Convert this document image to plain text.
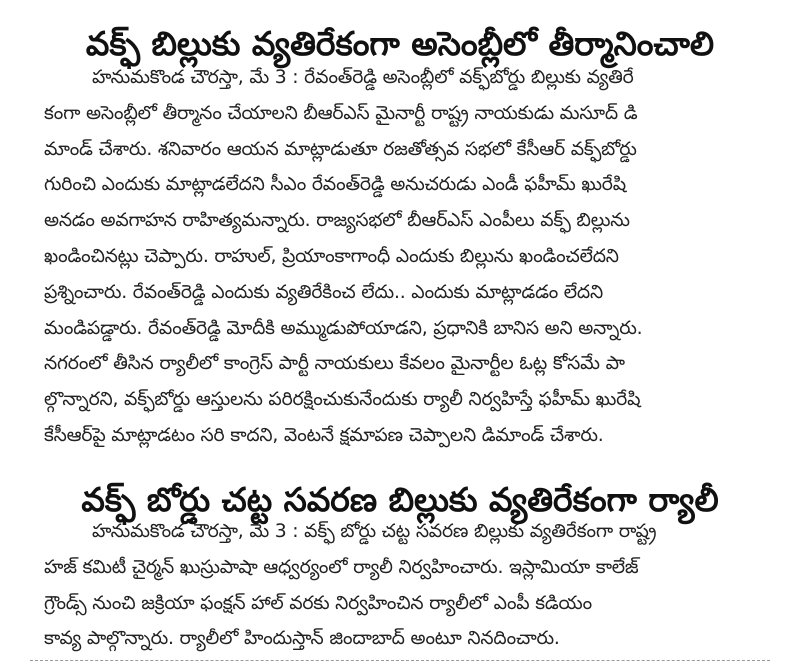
వక్ఫ్ బిల్లుకు వ్యతిరేకంగా అసెంబ్లీలో తీర్మానించాలి
హనుమకొండ చౌరస్తా, మే 3 : రేవంత్‌రెడ్డి అసెంబ్లీలో వక్ఫ్‌బోర్డు బిల్లుకు వ్యతిరే
కంగా అసెంబ్లీలో తీర్మానం చేయాలని బీఆర్‌ఎస్ మైనార్టీ రాష్ట్ర నాయకుడు మసూద్ డి
మాండ్ చేశారు. శనివారం ఆయన మాట్లాడుతూ రజతోత్సవ సభలో కేసీఆర్ వక్ఫ్‌బోర్డు
గురించి ఎందుకు మాట్లాడలేదని సీఎం రేవంత్‌రెడ్డి అనుచరుడు ఎండీ ఫహీమ్ ఖురేషి
అనడం అవగాహన రాహిత్యమన్నారు. రాజ్యసభలో బీఆర్‌ఎస్ ఎంపీలు వక్ఫ్ బిల్లును
ఖండించినట్లు చెప్పారు. రాహుల్, ప్రియాంకాగాంధీ ఎందుకు బిల్లును ఖండించలేదని
ప్రశ్నించారు. రేవంత్‌రెడ్డి ఎందుకు వ్యతిరేకించ లేదు.. ఎందుకు మాట్లాడడం లేదని
మండిపడ్డారు. రేవంత్‌రెడ్డి మోదీకి అమ్ముడుపోయాడని, ప్రధానికి బానిస అని అన్నారు.
నగరంలో తీసిన ర్యాలీలో కాంగ్రెస్ పార్టీ నాయకులు కేవలం మైనార్టీల ఓట్ల కోసమే పా
ల్గొన్నారని, వక్ఫ్‌బోర్డు ఆస్తులను పరిరక్షించుకునేందుకు ర్యాలీ నిర్వహిస్తే ఫహీమ్ ఖురేషి
కేసీఆర్‌పై మాట్లాడటం సరి కాదని, వెంటనే క్షమాపణ చెప్పాలని డిమాండ్ చేశారు.
వక్ఫ్ బోర్డు చట్ట సవరణ బిల్లుకు వ్యతిరేకంగా ర్యాలీ
హనుమకొండ చౌరస్తా, మే 3 : వక్ఫ్ బోర్డు చట్ట సవరణ బిల్లుకు వ్యతిరేకంగా రాష్ట్ర
హజ్ కమిటీ చైర్మన్ ఖుస్రుపాషా ఆధ్వర్యంలో ర్యాలీ నిర్వహించారు. ఇస్లామియా కాలేజ్
గ్రౌండ్స్ నుంచి జక్రియా ఫంక్షన్ హాల్ వరకు నిర్వహించిన ర్యాలీలో ఎంపీ కడియం
కావ్య పాల్గొన్నారు. ర్యాలీలో హిందుస్తాన్ జిందాబాద్ అంటూ నినదించారు.
